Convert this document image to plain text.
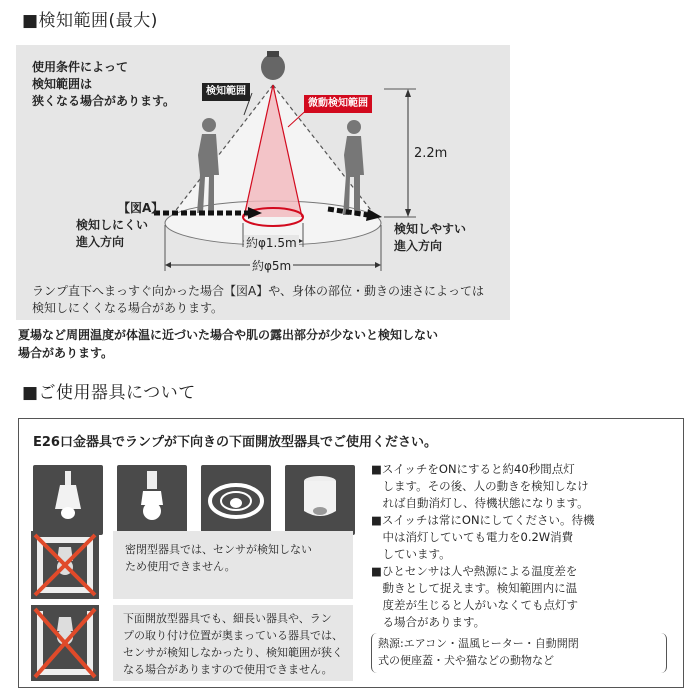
■検知範囲(最大)
使用条件によって
検知範囲は
狭くなる場合があります。
検知範囲
微動検知範囲
2.2m
【図A】
検知しにくい
進入方向
検知しやすい
進入方向
約φ1.5m
約φ5m
ランプ直下へまっすぐ向かった場合【図A】や、身体の部位・動きの速さによっては
検知しにくくなる場合があります。
夏場など周囲温度が体温に近づいた場合や肌の露出部分が少ないと検知しない
場合があります。
■ご使用器具について
E26口金器具でランプが下向きの下面開放型器具でご使用ください。
密閉型器具では、センサが検知しない
ため使用できません。
下面開放型器具でも、細長い器具や、ラン
プの取り付け位置が奥まっている器具では、
センサが検知しなかったり、検知範囲が狭く
なる場合がありますので使用できません。

■スイッチをONにすると約40秒間点灯

　します。その後、人の動きを検知しなけ

　れば自動消灯し、待機状態になります。

■スイッチは常にONにしてください。待機

　中は消灯していても電力を0.2W消費

　しています。

■ひとセンサは人や熱源による温度差を

　動きとして捉えます。検知範囲内に温

　度差が生じると人がいなくても点灯す

　る場合があります。

熱源:エアコン・温風ヒーター・自動開閉
式の便座蓋・犬や猫などの動物など
